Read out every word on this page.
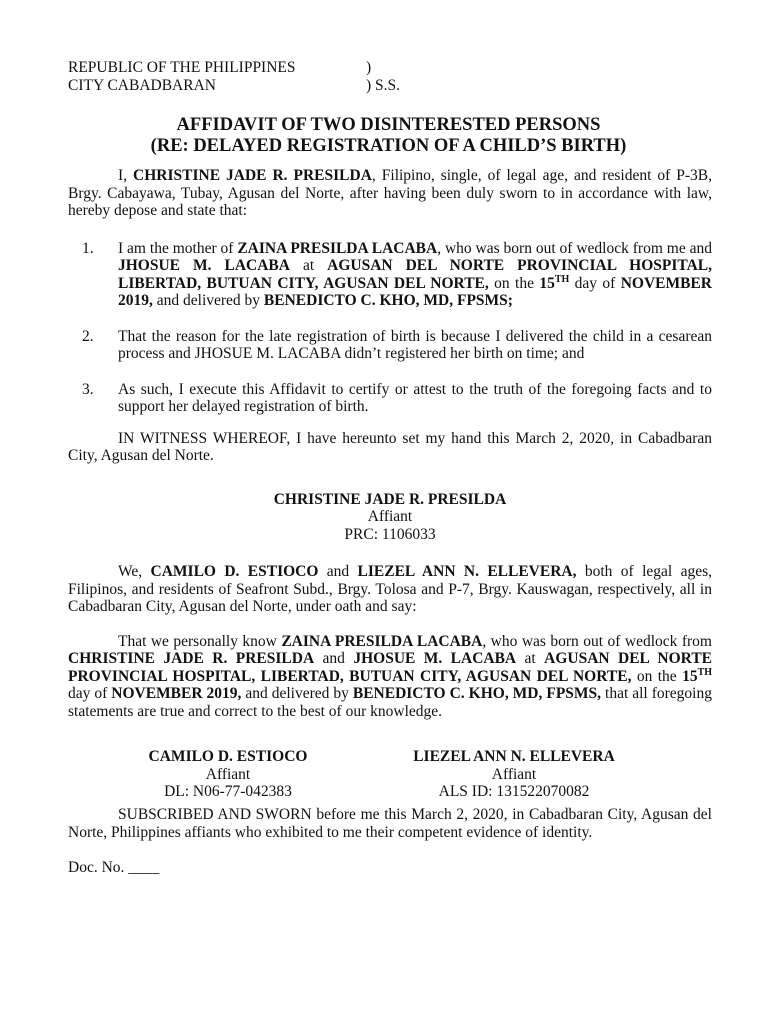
REPUBLIC OF THE PHILIPPINES	)
CITY CABADBARAN	) S.S.
AFFIDAVIT OF TWO DISINTERESTED PERSONS
(RE: DELAYED REGISTRATION OF A CHILD’S BIRTH)

I, CHRISTINE JADE R. PRESILDA, Filipino, single, of legal age, and resident of P-3B, Brgy. Cabayawa, Tubay, Agusan del Norte, after having been duly sworn to in accordance with law, hereby depose and state that:

1. I am the mother of ZAINA PRESILDA LACABA, who was born out of wedlock from me and JHOSUE M. LACABA at AGUSAN DEL NORTE PROVINCIAL HOSPITAL, LIBERTAD, BUTUAN CITY, AGUSAN DEL NORTE, on the 15TH day of NOVEMBER 2019, and delivered by BENEDICTO C. KHO, MD, FPSMS;
2. That the reason for the late registration of birth is because I delivered the child in a cesarean process and JHOSUE M. LACABA didn’t registered her birth on time; and
3. As such, I execute this Affidavit to certify or attest to the truth of the foregoing facts and to support her delayed registration of birth.

IN WITNESS WHEREOF, I have hereunto set my hand this March 2, 2020, in Cabadbaran City, Agusan del Norte.

CHRISTINE JADE R. PRESILDA
Affiant
PRC: 1106033

We, CAMILO D. ESTIOCO and LIEZEL ANN N. ELLEVERA, both of legal ages, Filipinos, and residents of Seafront Subd., Brgy. Tolosa and P-7, Brgy. Kauswagan, respectively, all in Cabadbaran City, Agusan del Norte, under oath and say:

That we personally know ZAINA PRESILDA LACABA, who was born out of wedlock from CHRISTINE JADE R. PRESILDA and JHOSUE M. LACABA at AGUSAN DEL NORTE PROVINCIAL HOSPITAL, LIBERTAD, BUTUAN CITY, AGUSAN DEL NORTE, on the 15TH day of NOVEMBER 2019, and delivered by BENEDICTO C. KHO, MD, FPSMS, that all foregoing statements are true and correct to the best of our knowledge.

CAMILO D. ESTIOCO
Affiant
DL: N06-77-042383
LIEZEL ANN N. ELLEVERA
Affiant
ALS ID: 131522070082

SUBSCRIBED AND SWORN before me this March 2, 2020, in Cabadbaran City, Agusan del Norte, Philippines affiants who exhibited to me their competent evidence of identity.

Doc. No. ____
